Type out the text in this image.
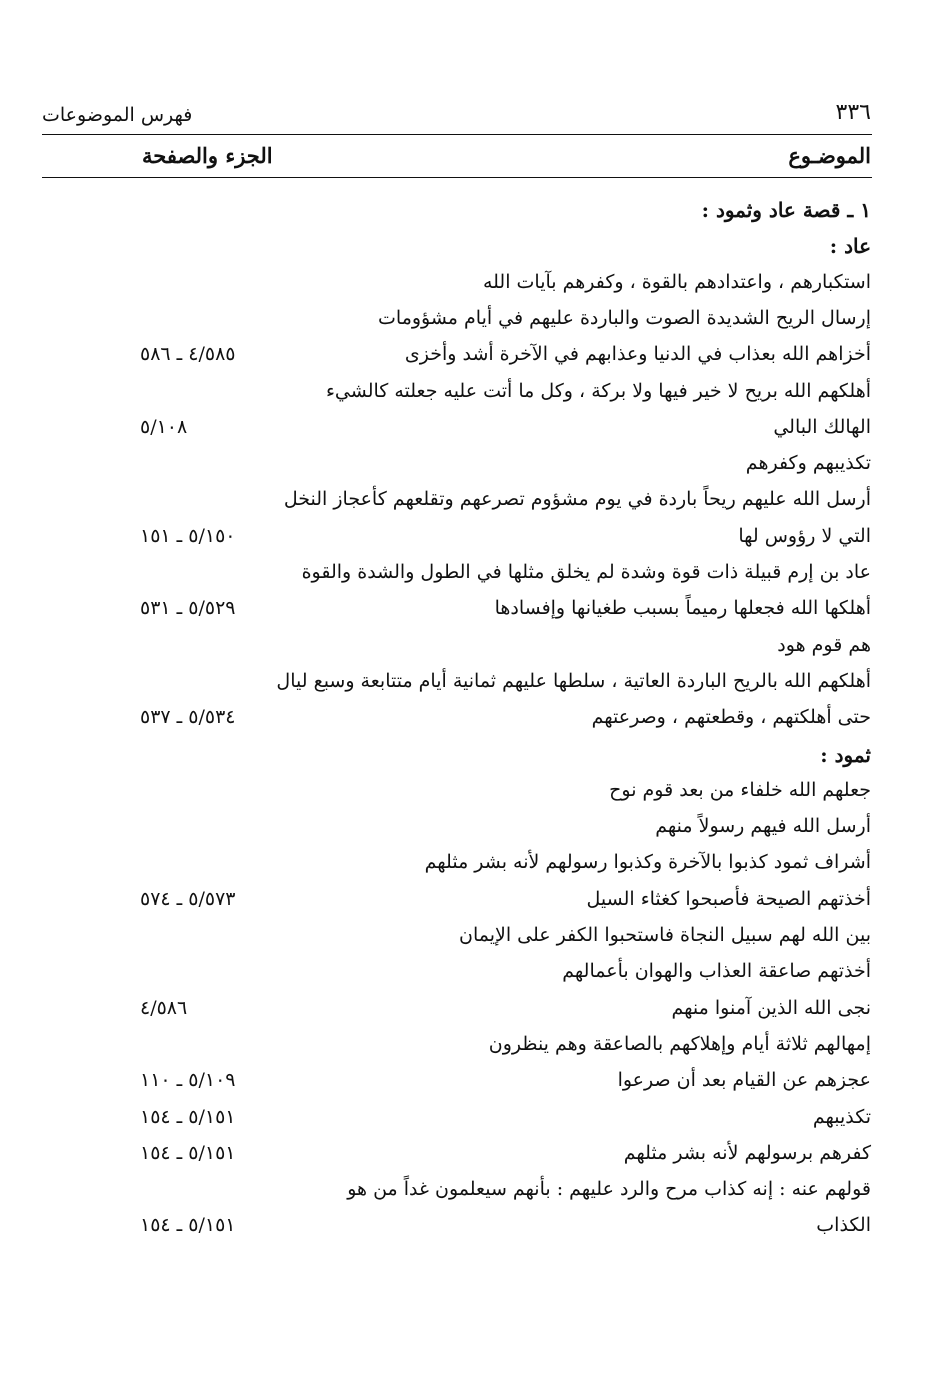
٣٣٦
فهرس الموضوعات
الموضـوع
الجزء والصفحة
١ ـ قصة عاد وثمود :
عاد :
استكبارهم ، واعتدادهم بالقوة ، وكفرهم بآيات الله
إرسال الريح الشديدة الصوت والباردة عليهم في أيام مشؤومات
أخزاهم الله بعذاب في الدنيا وعذابهم في الآخرة أشد وأخزى
٤/٥٨٥ ـ ٥٨٦
أهلكهم الله بريح لا خير فيها ولا بركة ، وكل ما أتت عليه جعلته كالشيء
الهالك البالي
٥/١٠٨
تكذيبهم وكفرهم
أرسل الله عليهم ريحاً باردة في يوم مشؤوم تصرعهم وتقلعهم كأعجاز النخل
التي لا رؤوس لها
٥/١٥٠ ـ ١٥١
عاد بن إرم قبيلة ذات قوة وشدة لم يخلق مثلها في الطول والشدة والقوة
أهلكها الله فجعلها رميماً بسبب طغيانها وإفسادها
٥/٥٢٩ ـ ٥٣١
هم قوم هود
أهلكهم الله بالريح الباردة العاتية ، سلطها عليهم ثمانية أيام متتابعة وسبع ليال
حتى أهلكتهم ، وقطعتهم ، وصرعتهم
٥/٥٣٤ ـ ٥٣٧
ثمود :
جعلهم الله خلفاء من بعد قوم نوح
أرسل الله فيهم رسولاً منهم
أشراف ثمود كذبوا بالآخرة وكذبوا رسولهم لأنه بشر مثلهم
أخذتهم الصيحة فأصبحوا كغثاء السيل
٥/٥٧٣ ـ ٥٧٤
بين الله لهم سبيل النجاة فاستحبوا الكفر على الإيمان
أخذتهم صاعقة العذاب والهوان بأعمالهم
نجى الله الذين آمنوا منهم
٤/٥٨٦
إمهالهم ثلاثة أيام وإهلاكهم بالصاعقة وهم ينظرون
عجزهم عن القيام بعد أن صرعوا
٥/١٠٩ ـ ١١٠
تكذيبهم
٥/١٥١ ـ ١٥٤
كفرهم برسولهم لأنه بشر مثلهم
٥/١٥١ ـ ١٥٤
قولهم عنه : إنه كذاب مرح والرد عليهم : بأنهم سيعلمون غداً من هو
الكذاب
٥/١٥١ ـ ١٥٤
